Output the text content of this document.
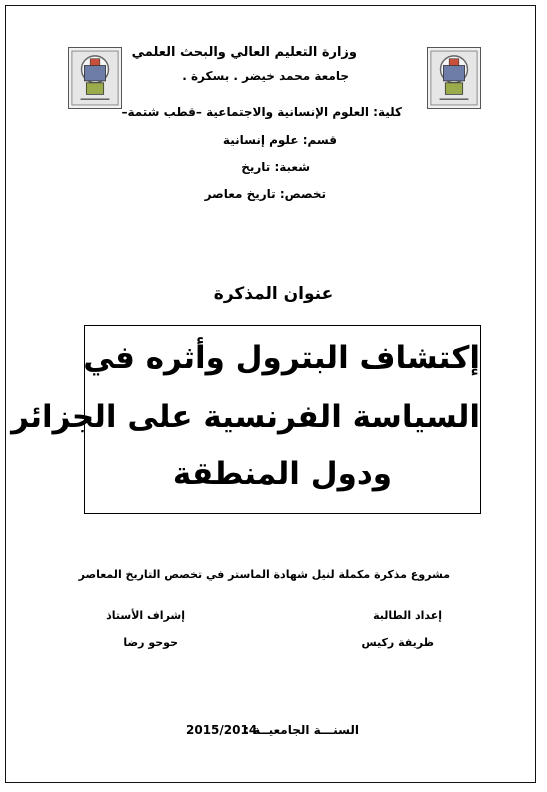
وزارة التعليم العالي والبحث العلمي
جامعة محمد خيضر . بسكرة .
كلية: العلوم الإنسانية والاجتماعية –قطب شتمة–
قسم: علوم إنسانية
شعبة: تاريخ
تخصص: تاريخ معاصر
عنوان المذكرة
إكتشاف البترول وأثره في
السياسة الفرنسية على الجزائر
ودول المنطقة
مشروع مذكرة مكملة لنيل شهادة الماستر في تخصص التاريخ المعاصر
إعداد الطالبة
ظريفة ركيس
إشراف الأستاذ
حوحو رضا
السنـــة الجامعيــة :
2015/2014
